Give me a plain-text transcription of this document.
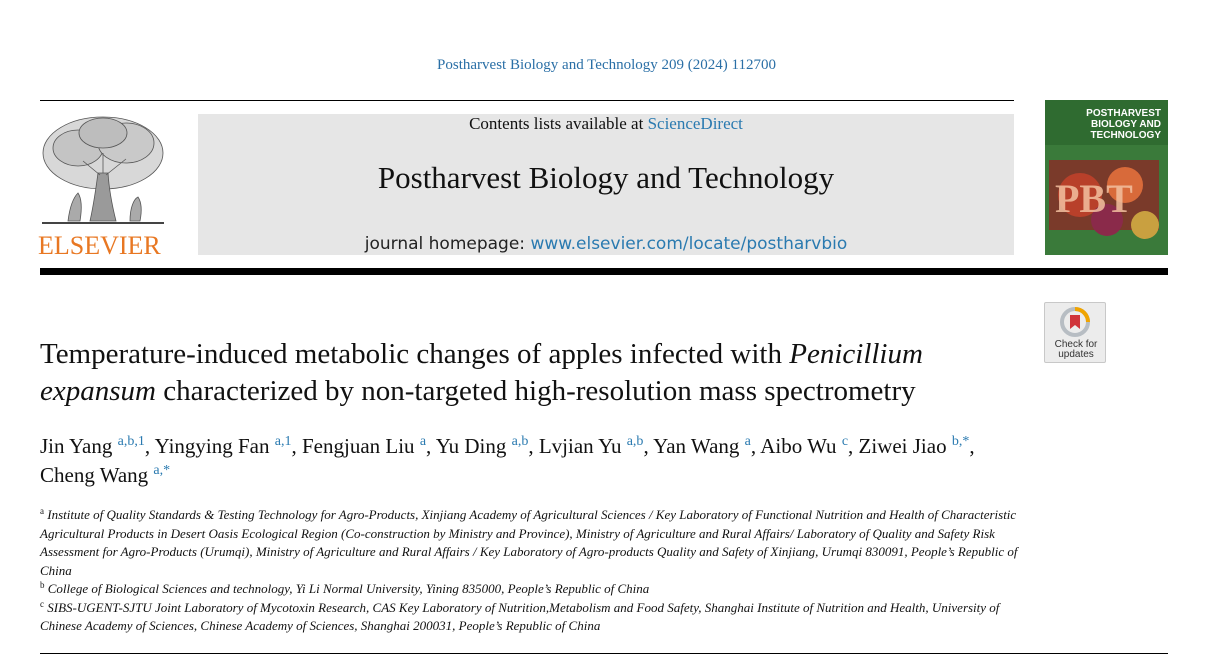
Postharvest Biology and Technology 209 (2024) 112700
ELSEVIER
Contents lists available at ScienceDirect
Postharvest Biology and Technology
journal homepage: www.elsevier.com/locate/postharvbio
POSTHARVEST
BIOLOGY AND
TECHNOLOGY
PBT
Check for
updates
Temperature-induced metabolic changes of apples infected with Penicillium
expansum characterized by non-targeted high-resolution mass spectrometry
Jin Yang $^{a,b,1}$, Yingying Fan $^{a,1}$, Fengjuan Liu $^a$, Yu Ding $^{a,b}$, Lvjian Yu $^{a,b}$, Yan Wang $^a$, Aibo Wu $^c$, Ziwei Jiao $^{b,*}$, Cheng Wang $^{a,*}$

$^a$ Institute of Quality Standards & Testing Technology for Agro-Products, Xinjiang Academy of Agricultural Sciences / Key Laboratory of Functional Nutrition and Health of Characteristic Agricultural Products in Desert Oasis Ecological Region (Co-construction by Ministry and Province), Ministry of Agriculture and Rural Affairs/ Laboratory of Quality and Safety Risk Assessment for Agro-Products (Urumqi), Ministry of Agriculture and Rural Affairs / Key Laboratory of Agro-products Quality and Safety of Xinjiang, Urumqi 830091, People’s Republic of China

$^b$ College of Biological Sciences and technology, Yi Li Normal University, Yining 835000, People’s Republic of China

$^c$ SIBS-UGENT-SJTU Joint Laboratory of Mycotoxin Research, CAS Key Laboratory of Nutrition,Metabolism and Food Safety, Shanghai Institute of Nutrition and Health, University of Chinese Academy of Sciences, Chinese Academy of Sciences, Shanghai 200031, People’s Republic of China
